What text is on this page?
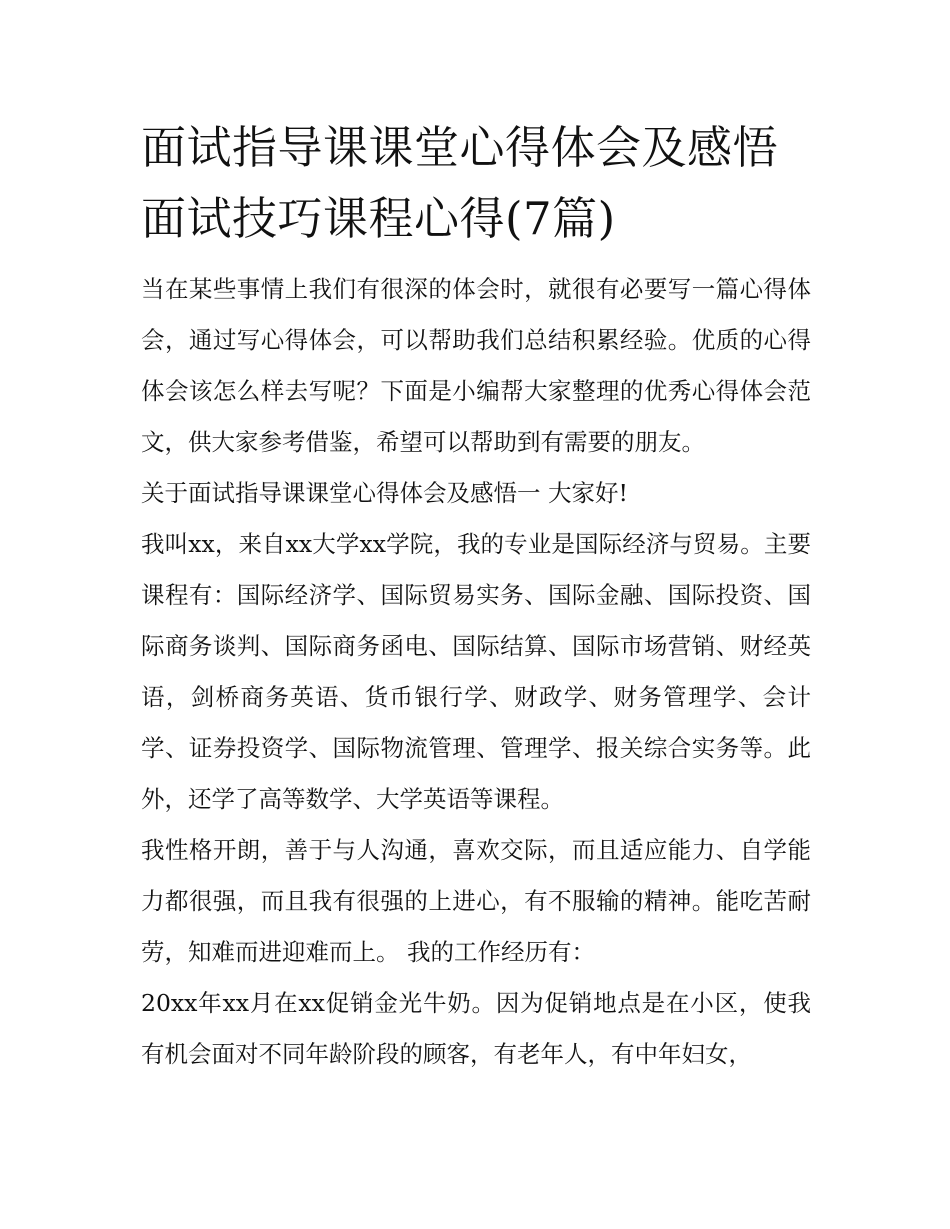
面试指导课课堂心得体会及感悟 面试技巧课程心得(7篇)

当在某些事情上我们有很深的体会时，就很有必要写一篇心得体会，通过写心得体会，可以帮助我们总结积累经验。优质的心得体会该怎么样去写呢？下面是小编帮大家整理的优秀心得体会范文，供大家参考借鉴，希望可以帮助到有需要的朋友。

关于面试指导课课堂心得体会及感悟一 大家好!

我叫xx，来自xx大学xx学院，我的专业是国际经济与贸易。主要课程有：国际经济学、国际贸易实务、国际金融、国际投资、国际商务谈判、国际商务函电、国际结算、国际市场营销、财经英语，剑桥商务英语、货币银行学、财政学、财务管理学、会计学、证券投资学、国际物流管理、管理学、报关综合实务等。此外，还学了高等数学、大学英语等课程。

我性格开朗，善于与人沟通，喜欢交际，而且适应能力、自学能力都很强，而且我有很强的上进心，有不服输的精神。能吃苦耐劳，知难而进迎难而上。 我的工作经历有：

20xx年xx月在xx促销金光牛奶。因为促销地点是在小区，使我有机会面对不同年龄阶段的顾客，有老年人，有中年妇女，
